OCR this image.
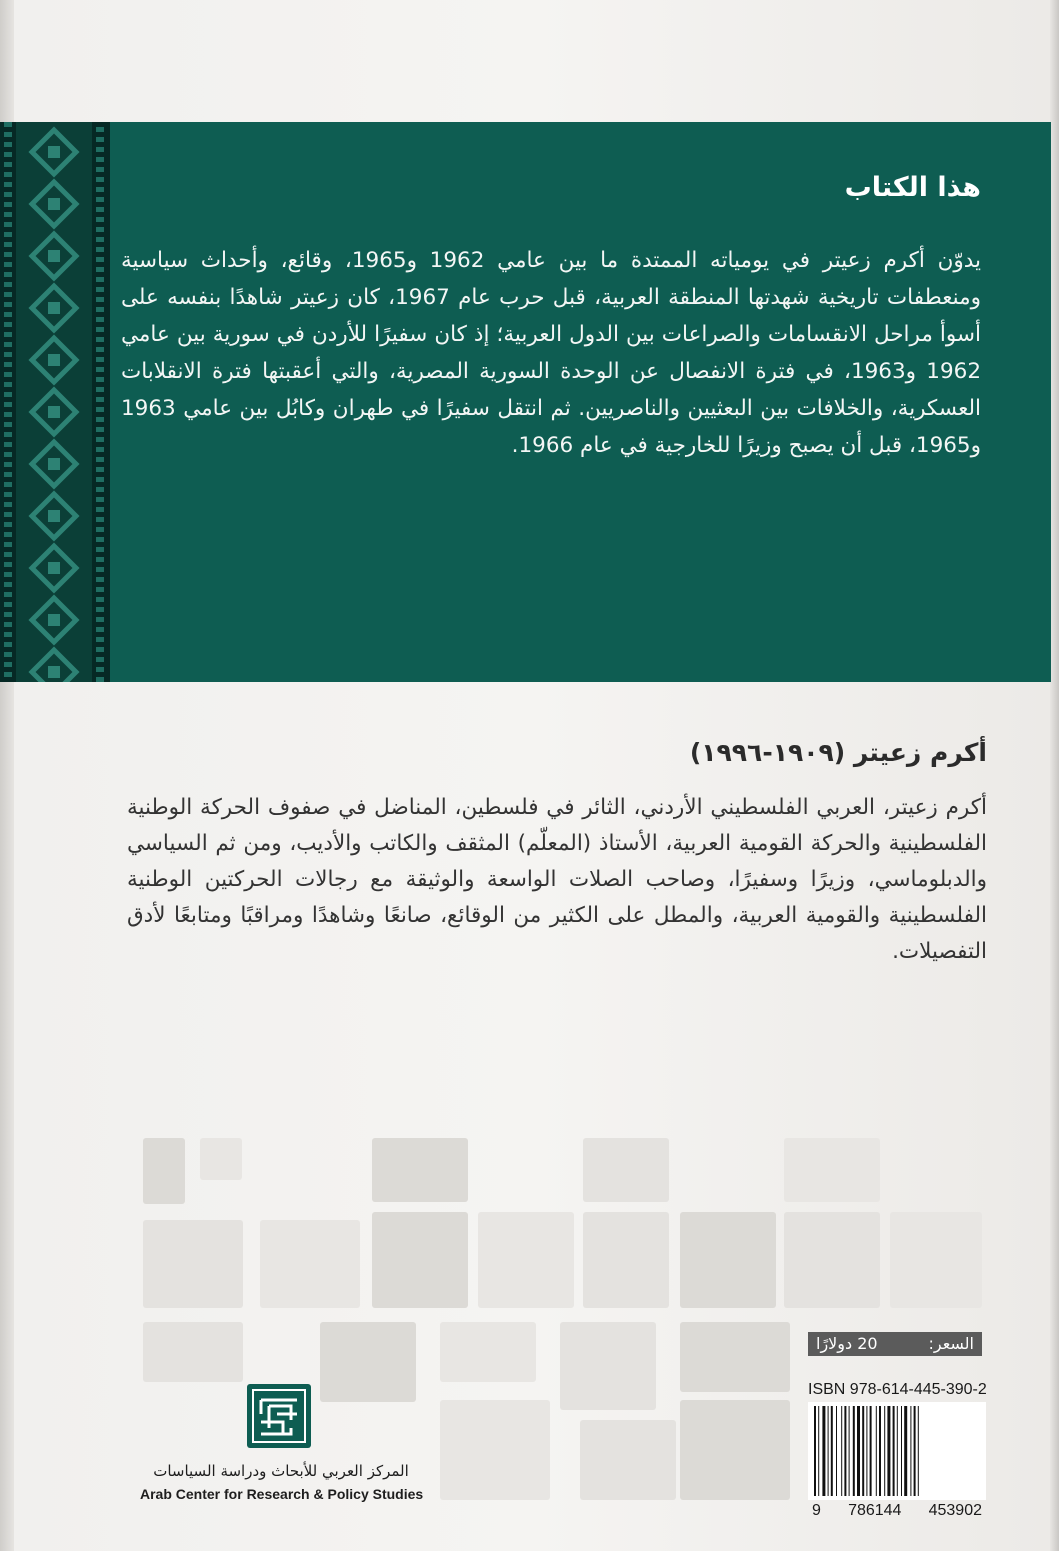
هذا الكتاب
يدوّن أكرم زعيتر في يومياته الممتدة ما بين عامي 1962 و1965، وقائع، وأحداث سياسية ومنعطفات تاريخية شهدتها المنطقة العربية، قبل حرب عام 1967، كان زعيتر شاهدًا بنفسه على أسوأ مراحل الانقسامات والصراعات بين الدول العربية؛ إذ كان سفيرًا للأردن في سورية بين عامي 1962 و1963، في فترة الانفصال عن الوحدة السورية المصرية، والتي أعقبتها فترة الانقلابات العسكرية، والخلافات بين البعثيين والناصريين. ثم انتقل سفيرًا في طهران وكابُل بين عامي 1963 و1965، قبل أن يصبح وزيرًا للخارجية في عام 1966.
أكرم زعيتر (١٩٠٩-١٩٩٦)
أكرم زعيتر، العربي الفلسطيني الأردني، الثائر في فلسطين، المناضل في صفوف الحركة الوطنية الفلسطينية والحركة القومية العربية، الأستاذ (المعلّم) المثقف والكاتب والأديب، ومن ثم السياسي والدبلوماسي، وزيرًا وسفيرًا، وصاحب الصلات الواسعة والوثيقة مع رجالات الحركتين الوطنية الفلسطينية والقومية العربية، والمطل على الكثير من الوقائع، صانعًا وشاهدًا ومراقبًا ومتابعًا لأدق التفصيلات.
السعر:
20 دولارًا
ISBN 978-614-445-390-2
9 786144 453902
المركز العربي للأبحاث ودراسة السياسات
Arab Center for Research & Policy Studies
